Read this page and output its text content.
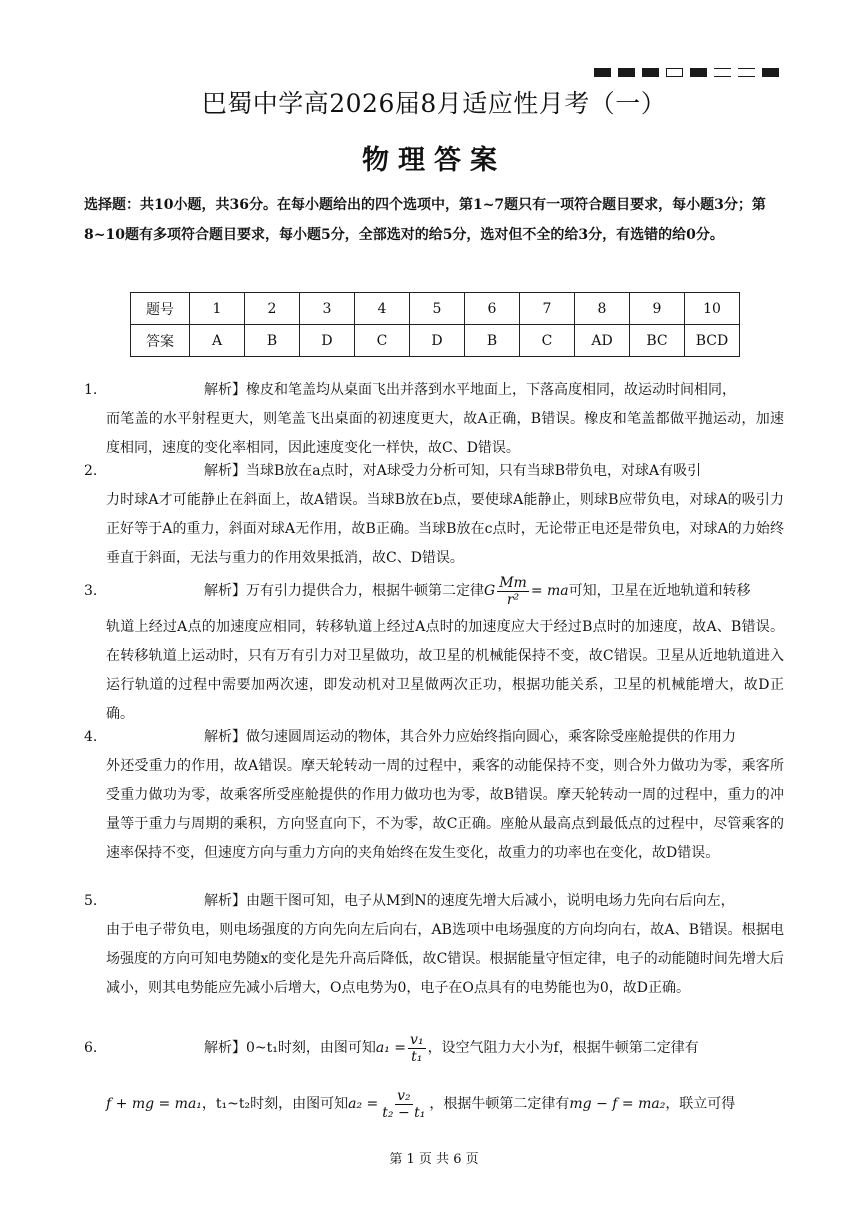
巴蜀中学高2026届8月适应性月考（一）
物理答案
选择题：共10小题，共36分。在每小题给出的四个选项中，第1~7题只有一项符合题目要求，每小题3分；第8~10题有多项符合题目要求，每小题5分，全部选对的给5分，选对但不全的给3分，有选错的给0分。
题号	1	2	3	4	5	6	7	8	9	10
答案	A	B	D	C	D	B	C	AD	BC	BCD
1.	解析】橡皮和笔盖均从桌面飞出并落到水平地面上，下落高度相同，故运动时间相同，
而笔盖的水平射程更大，则笔盖飞出桌面的初速度更大，故A正确，B错误。橡皮和笔盖都做平抛运动，加速度相同，速度的变化率相同，因此速度变化一样快，故C、D错误。
2.	解析】当球B放在a点时，对A球受力分析可知，只有当球B带负电，对球A有吸引
力时球A才可能静止在斜面上，故A错误。当球B放在b点，要使球A能静止，则球B应带负电，对球A的吸引力正好等于A的重力，斜面对球A无作用，故B正确。当球B放在c点时，无论带正电还是带负电，对球A的力始终垂直于斜面，无法与重力的作用效果抵消，故C、D错误。
3.	解析】万有引力提供合力，根据牛顿第二定律 G $\frac{Mm}{\text{r²}}$ = ma 可知，卫星在近地轨道和转移
轨道上经过A点的加速度应相同，转移轨道上经过A点时的加速度应大于经过B点时的加速度，故A、B错误。在转移轨道上运动时，只有万有引力对卫星做功，故卫星的机械能保持不变，故C错误。卫星从近地轨道进入运行轨道的过程中需要加两次速，即发动机对卫星做两次正功，根据功能关系，卫星的机械能增大，故D正确。
4.	解析】做匀速圆周运动的物体，其合外力应始终指向圆心，乘客除受座舱提供的作用力
外还受重力的作用，故A错误。摩天轮转动一周的过程中，乘客的动能保持不变，则合外力做功为零，乘客所受重力做功为零，故乘客所受座舱提供的作用力做功也为零，故B错误。摩天轮转动一周的过程中，重力的冲量等于重力与周期的乘积，方向竖直向下，不为零，故C正确。座舱从最高点到最低点的过程中，尽管乘客的速率保持不变，但速度方向与重力方向的夹角始终在发生变化，故重力的功率也在变化，故D错误。
5.	解析】由题干图可知，电子从M到N的速度先增大后减小，说明电场力先向右后向左，
由于电子带负电，则电场强度的方向先向左后向右，AB选项中电场强度的方向均向右，故A、B错误。根据电场强度的方向可知电势随x的变化是先升高后降低，故C错误。根据能量守恒定律，电子的动能随时间先增大后减小，则其电势能应先减小后增大，O点电势为0，电子在O点具有的电势能也为0，故D正确。
6.	解析】0~t₁时刻，由图可知 $a_1 = \frac{\text{v₁}}{\text{t₁}}$ ，设空气阻力大小为f，根据牛顿第二定律有
f + mg = ma₁，t₁~t₂时刻，由图可知 $a_2 = \frac{\text{v₂}}{\text{t₂ − t₁}}$ ，根据牛顿第二定律有mg − f = ma₂，联立可得
第 1 页 共 6 页
